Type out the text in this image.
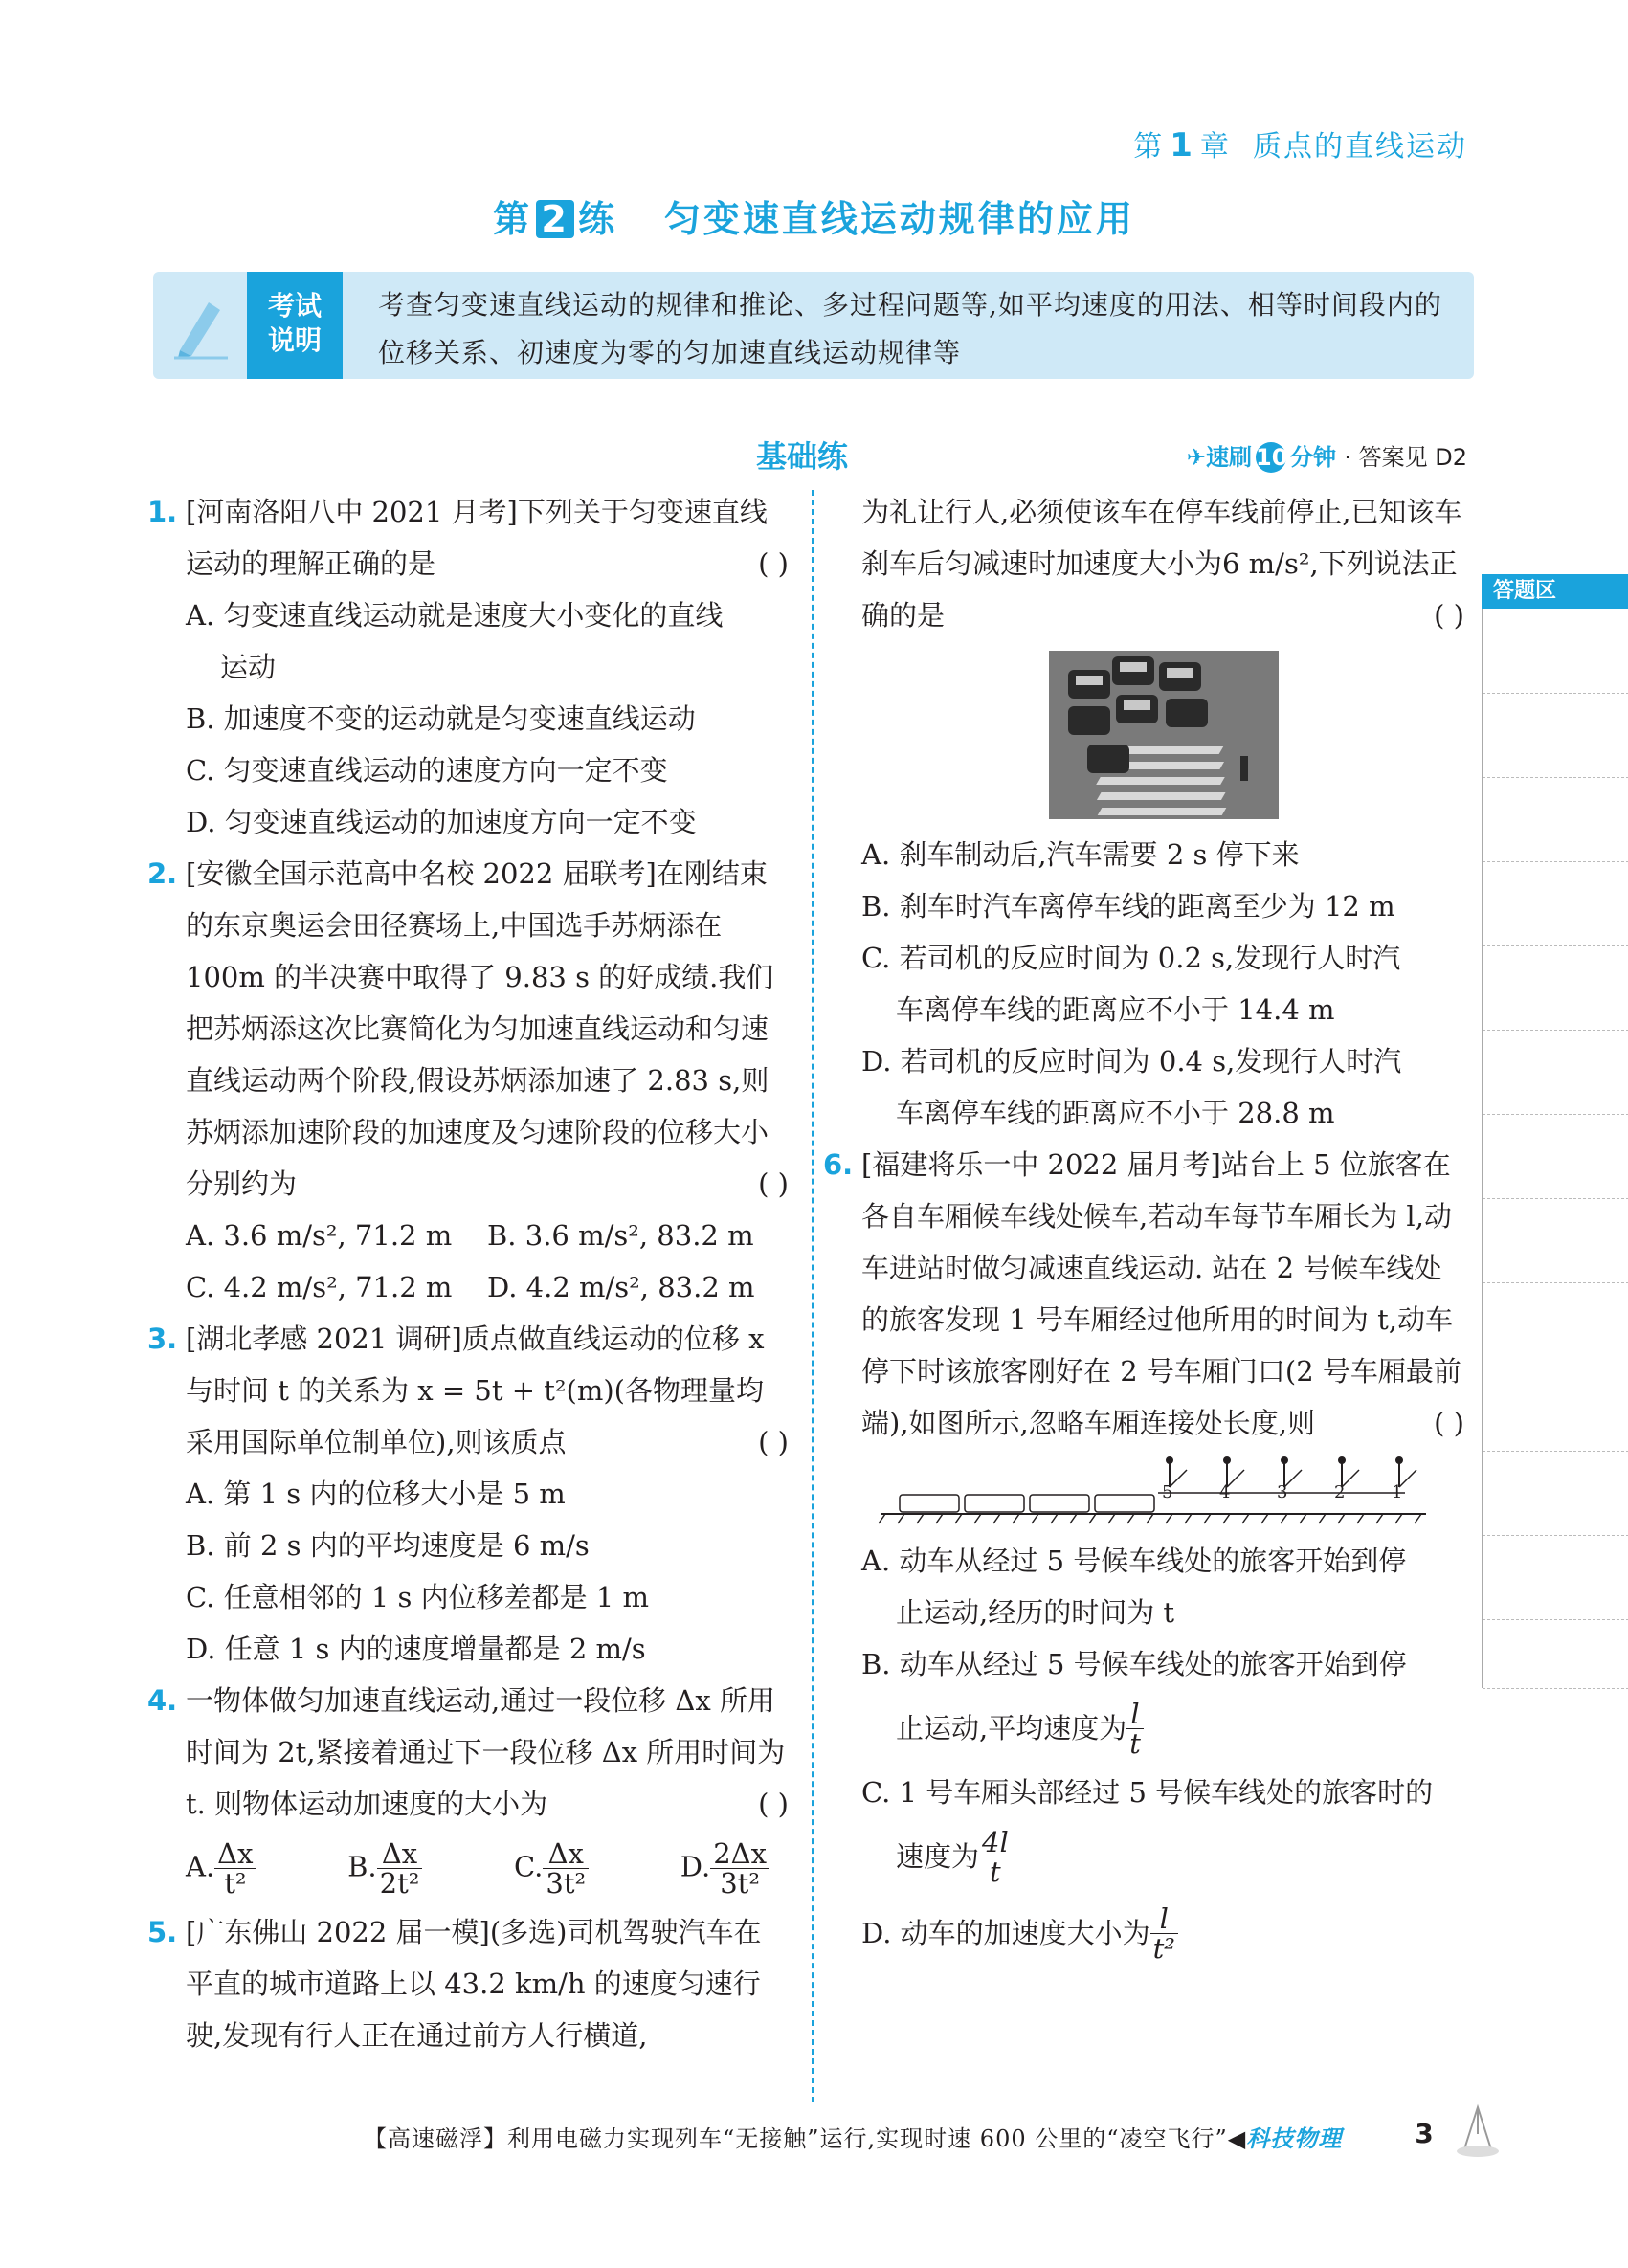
第 1 章 质点的直线运动
第 2 练 匀变速直线运动规律的应用
考试
说明
考查匀变速直线运动的规律和推论、多过程问题等,如平均速度的用法、相等时间段内的位移关系、初速度为零的匀加速直线运动规律等
基础练	✈速刷 10 分钟 · 答案见 D2
答题区
1. [河南洛阳八中 2021 月考]下列关于匀变速直线运动的理解正确的是	( )
A. 匀变速直线运动就是速度大小变化的直线
运动
B. 加速度不变的运动就是匀变速直线运动
C. 匀变速直线运动的速度方向一定不变
D. 匀变速直线运动的加速度方向一定不变
2. [安徽全国示范高中名校 2022 届联考]在刚结束的东京奥运会田径赛场上,中国选手苏炳添在 100m 的半决赛中取得了 9.83 s 的好成绩.我们把苏炳添这次比赛简化为匀加速直线运动和匀速直线运动两个阶段,假设苏炳添加速了 2.83 s,则苏炳添加速阶段的加速度及匀速阶段的位移大小分别约为	( )
A. 3.6 m/s², 71.2 m	B. 3.6 m/s², 83.2 m
C. 4.2 m/s², 71.2 m	D. 4.2 m/s², 83.2 m
3. [湖北孝感 2021 调研]质点做直线运动的位移 x 与时间 t 的关系为 x = 5t + t²(m)(各物理量均采用国际单位制单位),则该质点	( )
A. 第 1 s 内的位移大小是 5 m
B. 前 2 s 内的平均速度是 6 m/s
C. 任意相邻的 1 s 内位移差都是 1 m
D. 任意 1 s 内的速度增量都是 2 m/s
4. 一物体做匀加速直线运动,通过一段位移 Δx 所用时间为 2t,紧接着通过下一段位移 Δx 所用时间为 t. 则物体运动加速度的大小为	( )
A. $\frac{\Delta x}{\text{t²}}$	B. $\frac{\Delta x}{\text{2t²}}$	C. $\frac{\Delta x}{\text{3t²}}$	D. $\frac{2\Delta x}{\text{3t²}}$
5. [广东佛山 2022 届一模](多选)司机驾驶汽车在平直的城市道路上以 43.2 km/h 的速度匀速行驶,发现有行人正在通过前方人行横道,
为礼让行人,必须使该车在停车线前停止,已知该车刹车后匀减速时加速度大小为6 m/s²,下列说法正确的是	( )
A. 刹车制动后,汽车需要 2 s 停下来
B. 刹车时汽车离停车线的距离至少为 12 m
C. 若司机的反应时间为 0.2 s,发现行人时汽
车离停车线的距离应不小于 14.4 m
D. 若司机的反应时间为 0.4 s,发现行人时汽
车离停车线的距离应不小于 28.8 m
6. [福建将乐一中 2022 届月考]站台上 5 位旅客在各自车厢候车线处候车,若动车每节车厢长为 l,动车进站时做匀减速直线运动. 站在 2 号候车线处的旅客发现 1 号车厢经过他所用的时间为 t,动车停下时该旅客刚好在 2 号车厢门口(2 号车厢最前端),如图所示,忽略车厢连接处长度,则	( )
5	4	3	2	1
A. 动车从经过 5 号候车线处的旅客开始到停
止运动,经历的时间为 t
B. 动车从经过 5 号候车线处的旅客开始到停
止运动,平均速度为 $\frac{l}{t}$
C. 1 号车厢头部经过 5 号候车线处的旅客时的
速度为 $\frac{4l}{t}$
D. 动车的加速度大小为 $\frac{l}{\text{t²}}$
【高速磁浮】利用电磁力实现列车“无接触”运行,实现时速 600 公里的“凌空飞行”◀科技物理	3
